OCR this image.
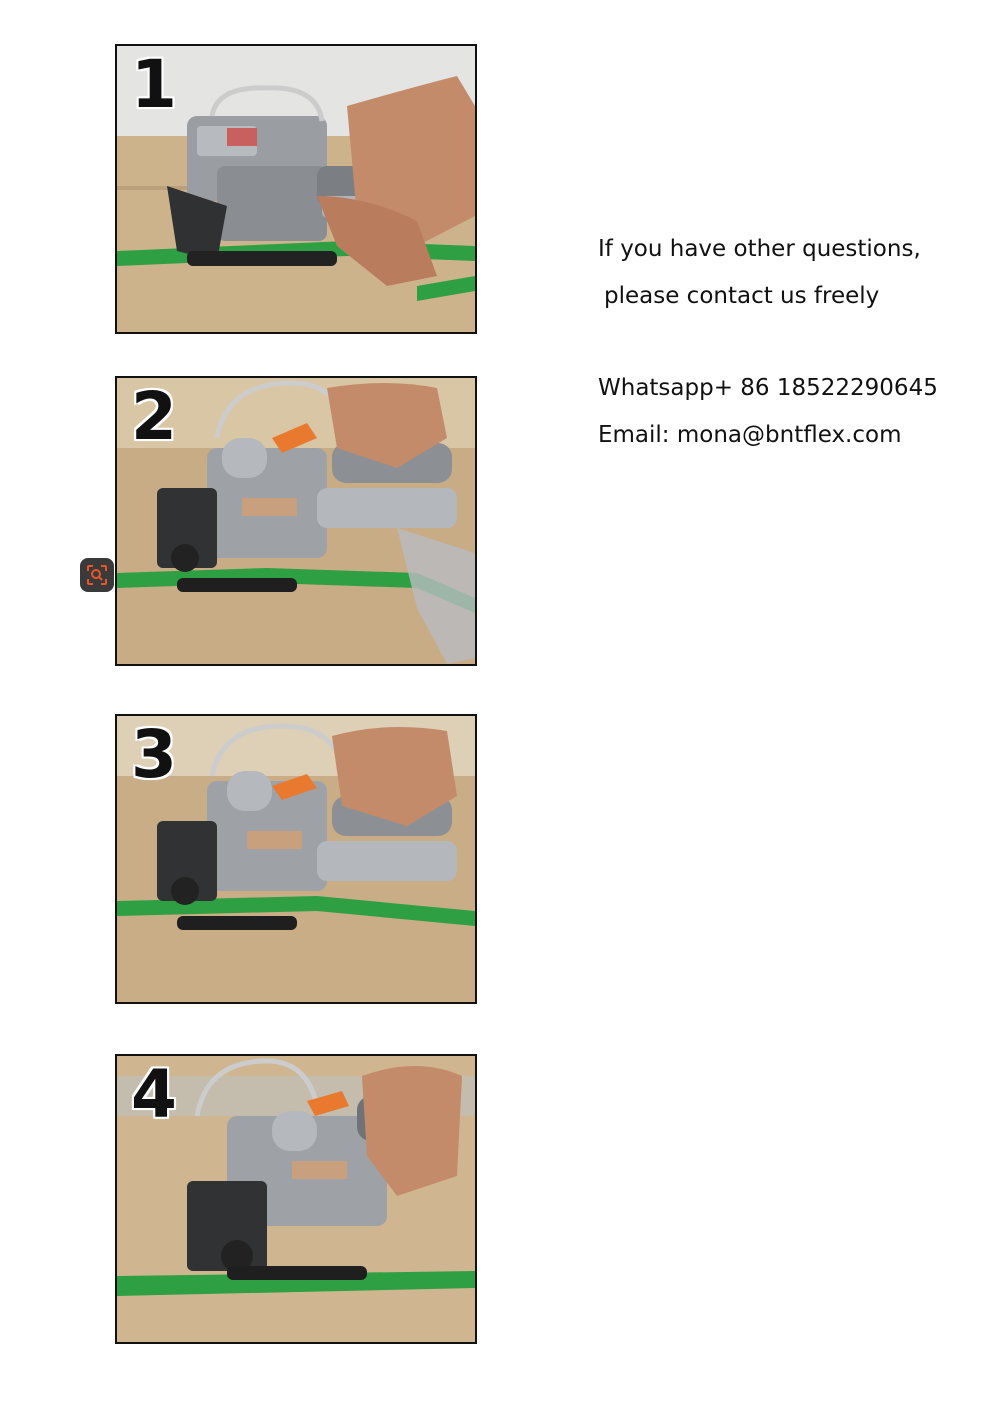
1
2
3
4

If you have other questions,

please contact us freely

Whatsapp+ 86 18522290645

Email: mona@bntflex.com
